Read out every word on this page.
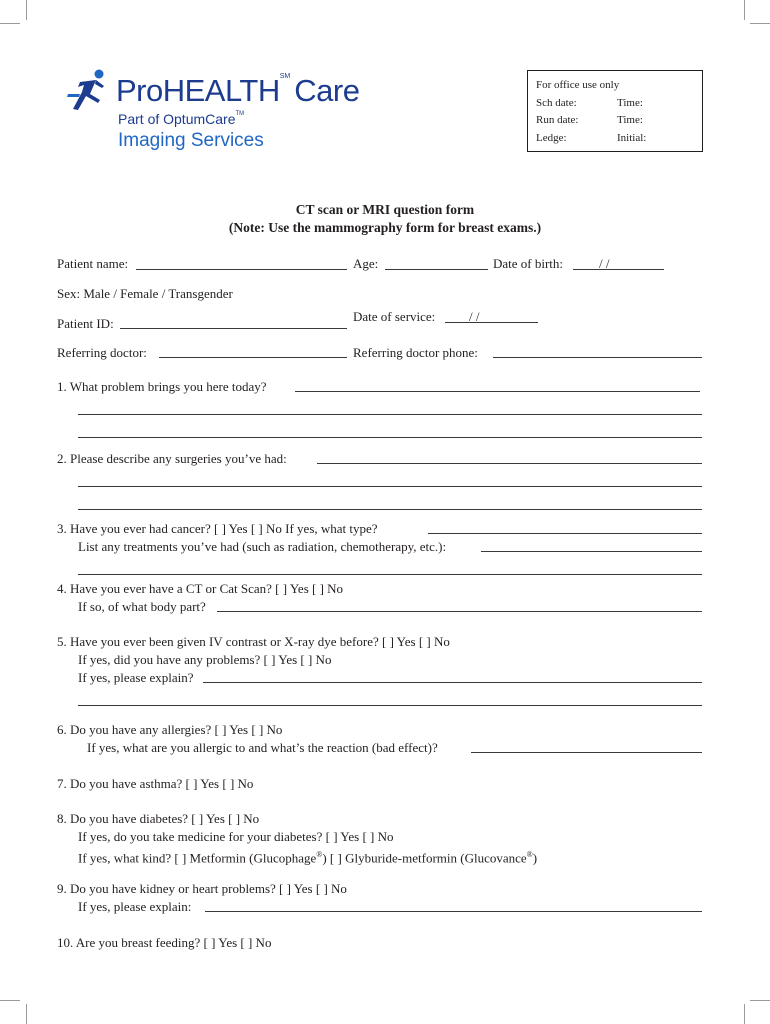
ProHEALTH℠ Care
Part of OptumCare™
Imaging Services
For office use only
Sch date:	Time:
Run date:	Time:
Ledge:	Initial:
CT scan or MRI question form
(Note: Use the mammography form for breast exams.)
Patient name:	Age:	Date of birth:	/ /
Sex: Male / Female / Transgender
Date of service:	/ /
Patient ID:
Referring doctor:	Referring doctor phone:
1. What problem brings you here today?
2. Please describe any surgeries you’ve had:
3. Have you ever had cancer? [ ] Yes [ ] No If yes, what type?
List any treatments you’ve had (such as radiation, chemotherapy, etc.):
4. Have you ever have a CT or Cat Scan? [ ] Yes [ ] No
If so, of what body part?
5. Have you ever been given IV contrast or X-ray dye before? [ ] Yes [ ] No
If yes, did you have any problems? [ ] Yes [ ] No
If yes, please explain?
6. Do you have any allergies? [ ] Yes [ ] No
If yes, what are you allergic to and what’s the reaction (bad effect)?
7. Do you have asthma? [ ] Yes [ ] No
8. Do you have diabetes? [ ] Yes [ ] No
If yes, do you take medicine for your diabetes? [ ] Yes [ ] No
If yes, what kind? [ ] Metformin (Glucophage®) [ ] Glyburide-metformin (Glucovance®)
9. Do you have kidney or heart problems? [ ] Yes [ ] No
If yes, please explain:
10. Are you breast feeding? [ ] Yes [ ] No
